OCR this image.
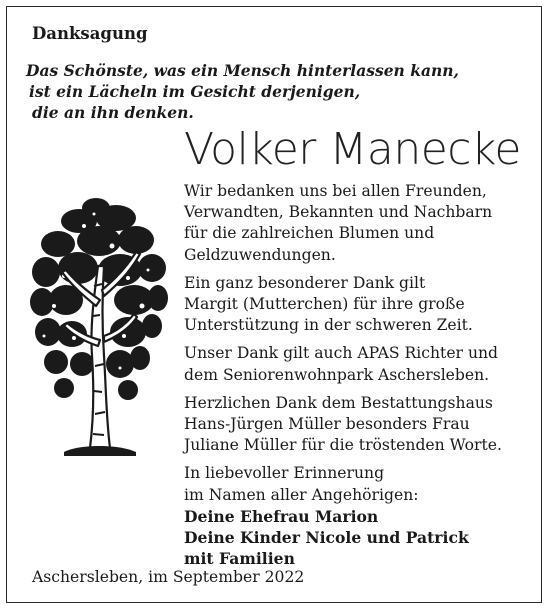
Danksagung
Das Schönste, was ein Mensch hinterlassen kann,
ist ein Lächeln im Gesicht derjenigen,
die an ihn denken.
Volker Manecke

Wir bedanken uns bei allen Freunden,
Verwandten, Bekannten und Nachbarn
für die zahlreichen Blumen und
Geldzuwendungen.

Ein ganz besonderer Dank gilt
Margit (Mutterchen) für ihre große
Unterstützung in der schweren Zeit.

Unser Dank gilt auch APAS Richter und
dem Seniorenwohnpark Aschersleben.

Herzlichen Dank dem Bestattungshaus
Hans-Jürgen Müller besonders Frau
Juliane Müller für die tröstenden Worte.

In liebevoller Erinnerung
im Namen aller Angehörigen:
Deine Ehefrau Marion
Deine Kinder Nicole und Patrick
mit Familien

Aschersleben, im September 2022
